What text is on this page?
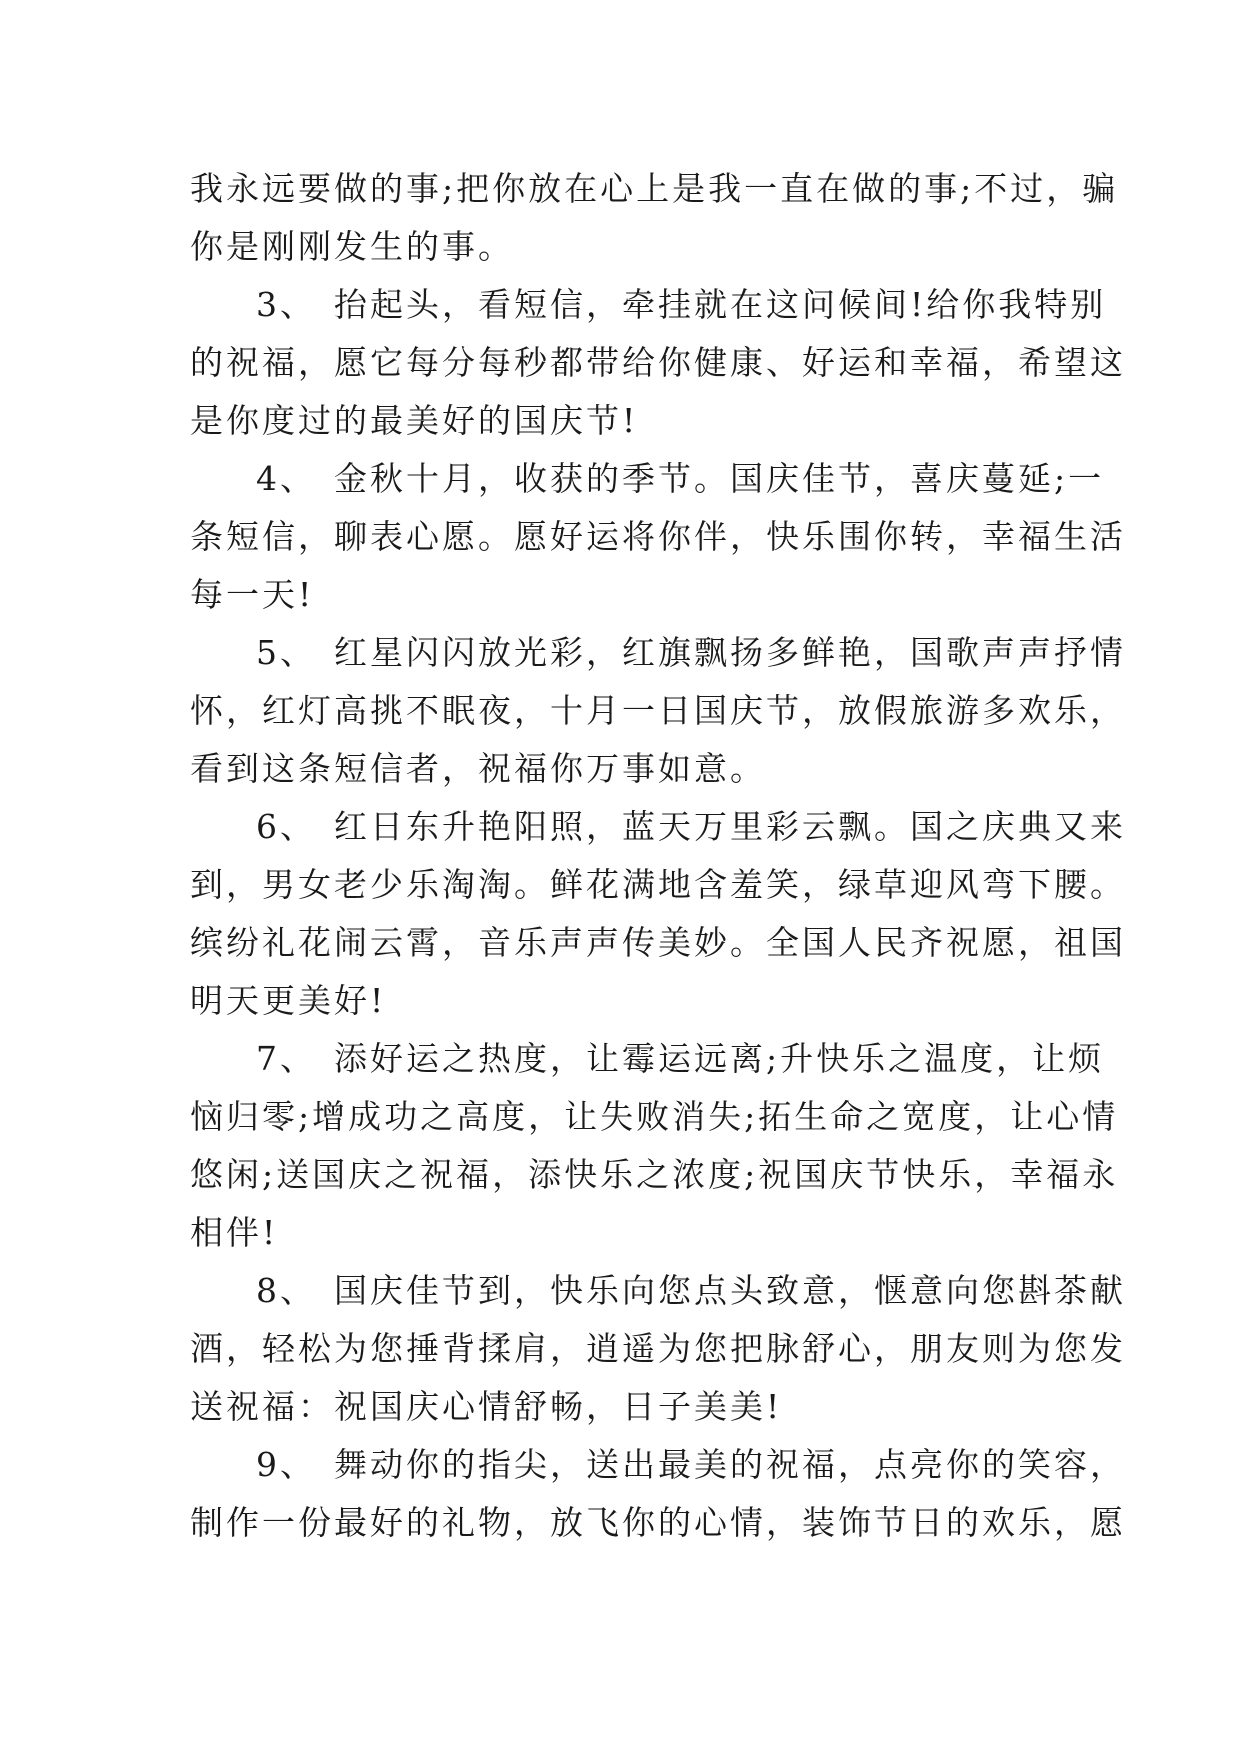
我永远要做的事;把你放在心上是我一直在做的事;不过，骗
你是刚刚发生的事。
3、 抬起头，看短信，牵挂就在这问候间!给你我特别
的祝福，愿它每分每秒都带给你健康、好运和幸福，希望这
是你度过的最美好的国庆节!
4、 金秋十月，收获的季节。国庆佳节，喜庆蔓延;一
条短信，聊表心愿。愿好运将你伴，快乐围你转，幸福生活
每一天!
5、 红星闪闪放光彩，红旗飘扬多鲜艳，国歌声声抒情
怀，红灯高挑不眠夜，十月一日国庆节，放假旅游多欢乐，
看到这条短信者，祝福你万事如意。
6、 红日东升艳阳照，蓝天万里彩云飘。国之庆典又来
到，男女老少乐淘淘。鲜花满地含羞笑，绿草迎风弯下腰。
缤纷礼花闹云霄，音乐声声传美妙。全国人民齐祝愿，祖国
明天更美好!
7、 添好运之热度，让霉运远离;升快乐之温度，让烦
恼归零;增成功之高度，让失败消失;拓生命之宽度，让心情
悠闲;送国庆之祝福，添快乐之浓度;祝国庆节快乐，幸福永
相伴!
8、 国庆佳节到，快乐向您点头致意，惬意向您斟茶献
酒，轻松为您捶背揉肩，逍遥为您把脉舒心，朋友则为您发
送祝福：祝国庆心情舒畅，日子美美!
9、 舞动你的指尖，送出最美的祝福，点亮你的笑容，
制作一份最好的礼物，放飞你的心情，装饰节日的欢乐，愿
